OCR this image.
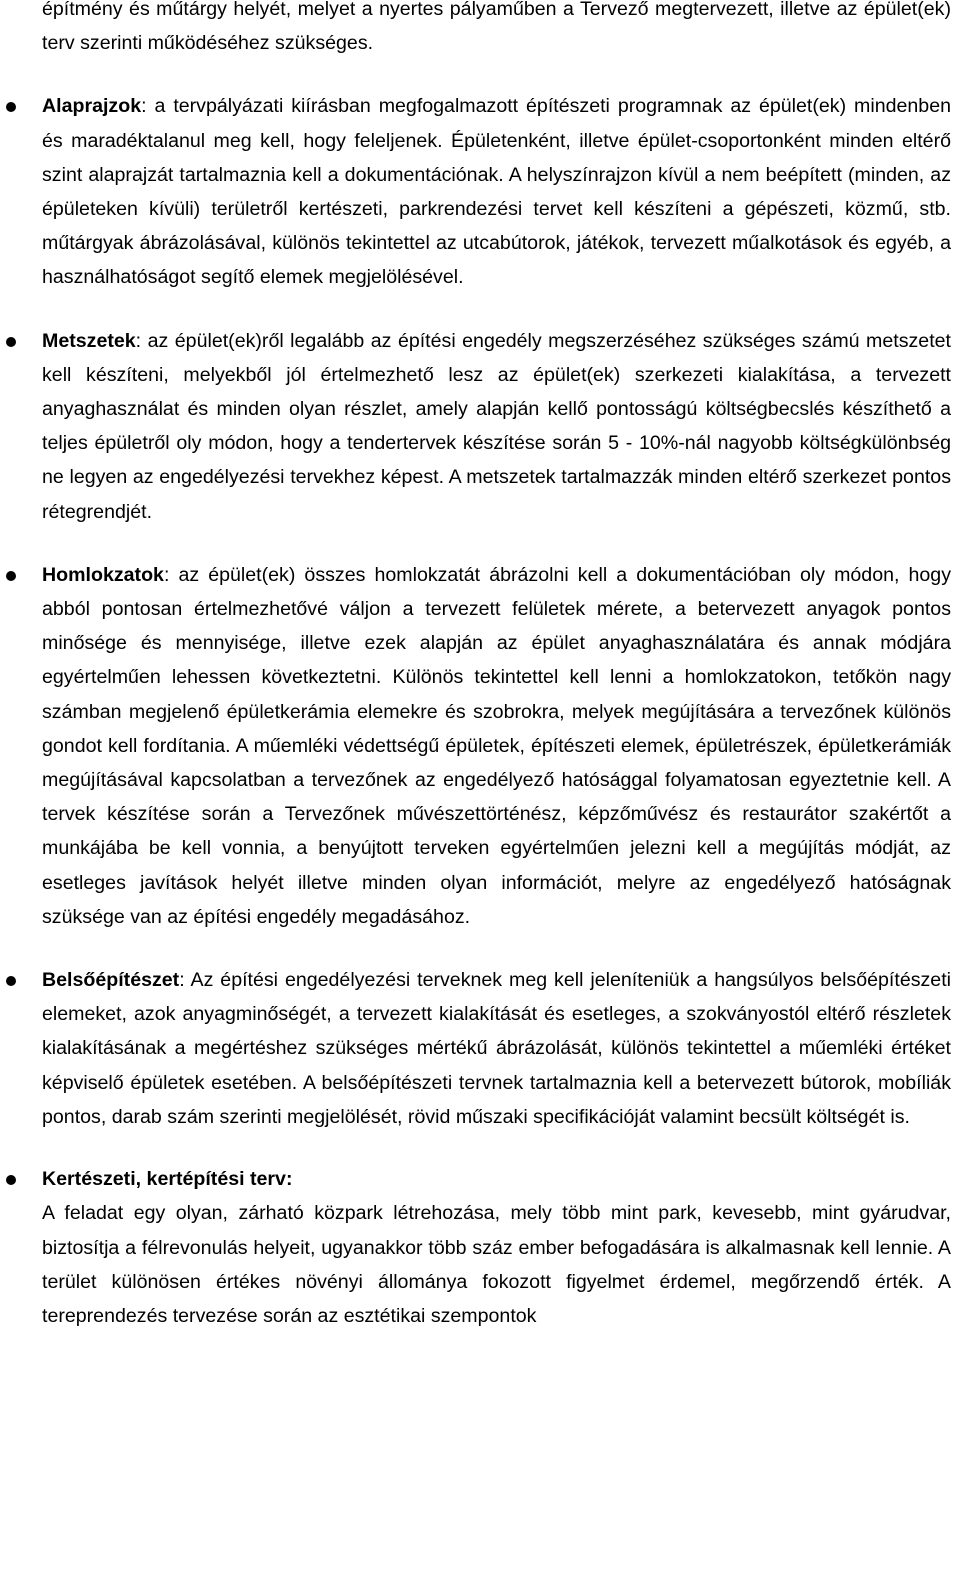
építmény és műtárgy helyét, melyet a nyertes pályaműben a Tervező megtervezett, illetve az épület(ek) terv szerinti működéséhez szükséges.

Alaprajzok: a tervpályázati kiírásban megfogalmazott építészeti programnak az épület(ek) mindenben és maradéktalanul meg kell, hogy feleljenek. Épületenként, illetve épület-csoportonként minden eltérő szint alaprajzát tartalmaznia kell a dokumentációnak. A helyszínrajzon kívül a nem beépített (minden, az épületeken kívüli) területről kertészeti, parkrendezési tervet kell készíteni a gépészeti, közmű, stb. műtárgyak ábrázolásával, különös tekintettel az utcabútorok, játékok, tervezett műalkotások és egyéb, a használhatóságot segítő elemek megjelölésével.
Metszetek: az épület(ek)ről legalább az építési engedély megszerzéséhez szükséges számú metszetet kell készíteni, melyekből jól értelmezhető lesz az épület(ek) szerkezeti kialakítása, a tervezett anyaghasználat és minden olyan részlet, amely alapján kellő pontosságú költségbecslés készíthető a teljes épületről oly módon, hogy a tendertervek készítése során 5 - 10%-nál nagyobb költségkülönbség ne legyen az engedélyezési tervekhez képest. A metszetek tartalmazzák minden eltérő szerkezet pontos rétegrendjét.
Homlokzatok: az épület(ek) összes homlokzatát ábrázolni kell a dokumentációban oly módon, hogy abból pontosan értelmezhetővé váljon a tervezett felületek mérete, a betervezett anyagok pontos minősége és mennyisége, illetve ezek alapján az épület anyaghasználatára és annak módjára egyértelműen lehessen következtetni. Különös tekintettel kell lenni a homlokzatokon, tetőkön nagy számban megjelenő épületkerámia elemekre és szobrokra, melyek megújítására a tervezőnek különös gondot kell fordítania. A műemléki védettségű épületek, építészeti elemek, épületrészek, épületkerámiák megújításával kapcsolatban a tervezőnek az engedélyező hatósággal folyamatosan egyeztetnie kell. A tervek készítése során a Tervezőnek művészettörténész, képzőművész és restaurátor szakértőt a munkájába be kell vonnia, a benyújtott terveken egyértelműen jelezni kell a megújítás módját, az esetleges javítások helyét illetve minden olyan információt, melyre az engedélyező hatóságnak szüksége van az építési engedély megadásához.
Belsőépítészet: Az építési engedélyezési terveknek meg kell jeleníteniük a hangsúlyos belsőépítészeti elemeket, azok anyagminőségét, a tervezett kialakítását és esetleges, a szokványostól eltérő részletek kialakításának a megértéshez szükséges mértékű ábrázolását, különös tekintettel a műemléki értéket képviselő épületek esetében. A belsőépítészeti tervnek tartalmaznia kell a betervezett bútorok, mobíliák pontos, darab szám szerinti megjelölését, rövid műszaki specifikációját valamint becsült költségét is.

Kertészeti, kertépítési terv:

A feladat egy olyan, zárható közpark létrehozása, mely több mint park, kevesebb, mint gyárudvar, biztosítja a félrevonulás helyeit, ugyanakkor több száz ember befogadására is alkalmasnak kell lennie. A terület különösen értékes növényi állománya fokozott figyelmet érdemel, megőrzendő érték. A tereprendezés tervezése során az esztétikai szempontok
